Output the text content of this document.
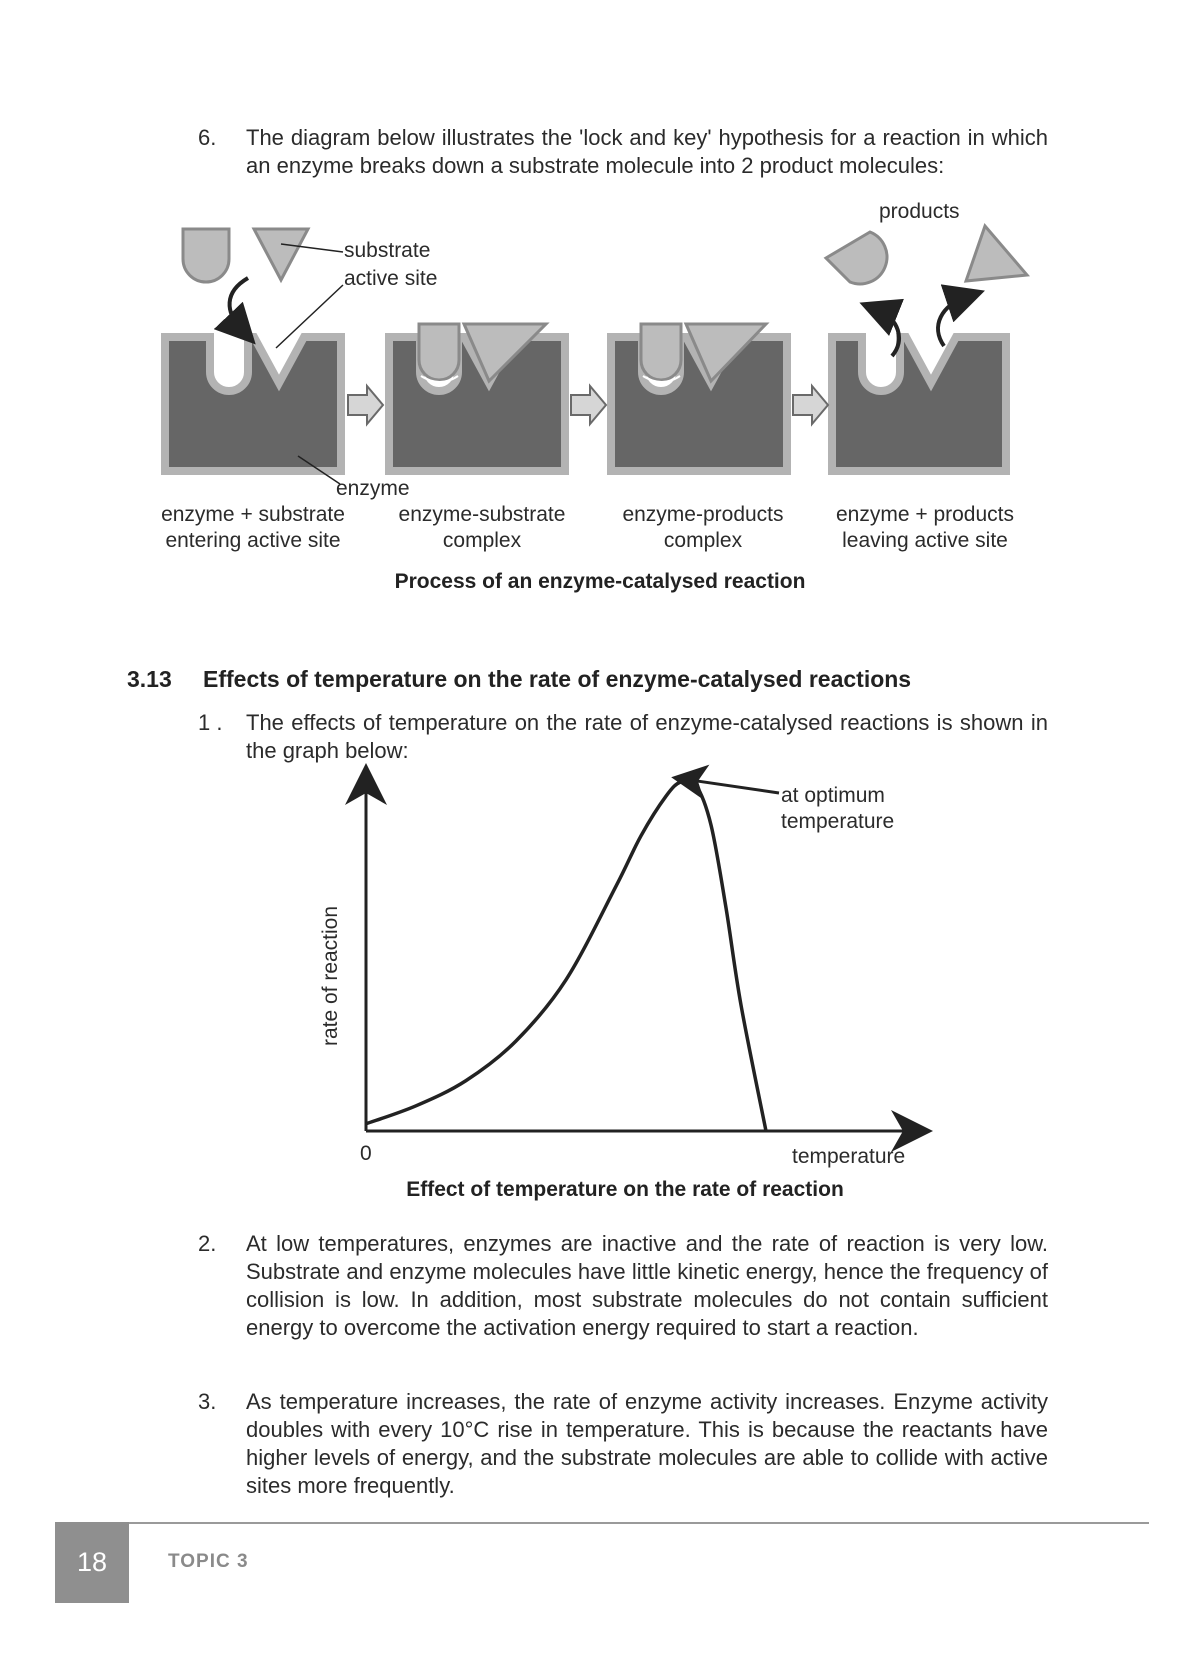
6. The diagram below illustrates the 'lock and key' hypothesis for a reaction in which an enzyme breaks down a substrate molecule into 2 product molecules:
substrate
active site
enzyme
products
enzyme + substrate
entering active site
enzyme-substrate
complex
enzyme-products
complex
enzyme + products
leaving active site
Process of an enzyme-catalysed reaction
3.13 Effects of temperature on the rate of enzyme-catalysed reactions
1 . The effects of temperature on the rate of enzyme-catalysed reactions is shown in the graph below:
rate of reaction
0	temperature
at optimum
temperature
Effect of temperature on the rate of reaction
2. At low temperatures, enzymes are inactive and the rate of reaction is very low. Substrate and enzyme molecules have little kinetic energy, hence the frequency of collision is low. In addition, most substrate molecules do not contain sufficient energy to overcome the activation energy required to start a reaction.
3. As temperature increases, the rate of enzyme activity increases. Enzyme activity doubles with every 10°C rise in temperature. This is because the reactants have higher levels of energy, and the substrate molecules are able to collide with active sites more frequently.
18	TOPIC 3
